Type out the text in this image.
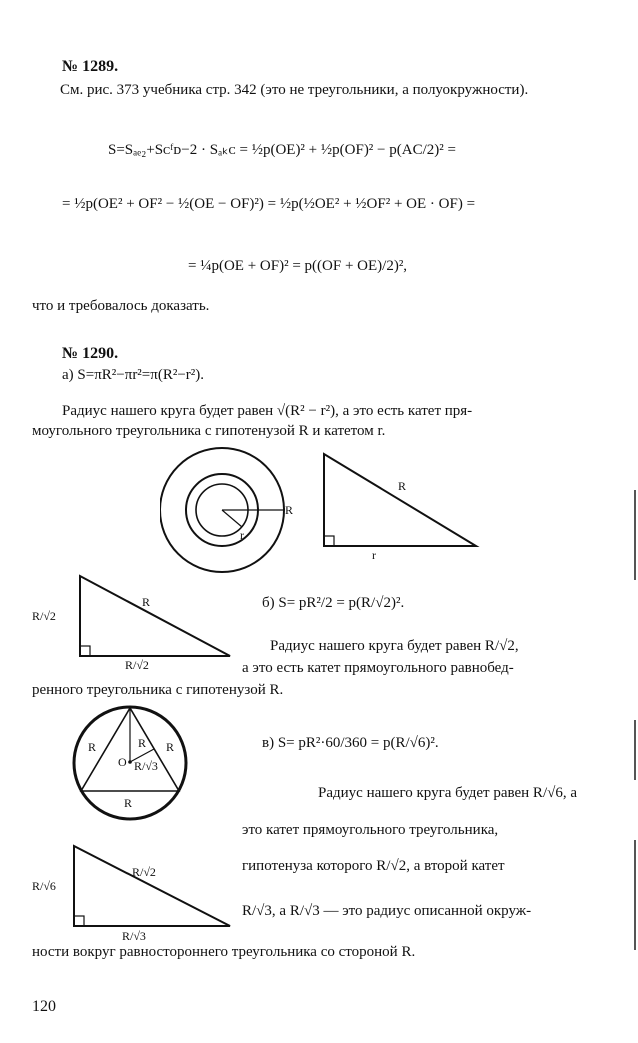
№ 1289.
См. рис. 373 учебника стр. 342 (это не треугольники, а полуокружности).
S=Sₐₑ₂+Sᴄᶠᴅ−2 · Sₐₖᴄ = ½p(OE)² + ½p(OF)² − p(AC/2)² =
= ½p(OE² + OF² − ½(OE − OF)²) = ½p(½OE² + ½OF² + OE · OF) =
= ¼p(OE + OF)² = p((OF + OE)/2)²,
что и требовалось доказать.
№ 1290.
а) S=πR²−πr²=π(R²−r²).
Радиус нашего круга будет равен √(R² − r²), а это есть катет пря-
моугольного треугольника с гипотенузой R и катетом r.
R
r
R
r
R
R/√2
R/√2
б) S= pR²/2 = p(R/√2)².
Радиус нашего круга будет равен R/√2,
а это есть катет прямоугольного равнобед-
ренного треугольника с гипотенузой R.
R	R
R
R/√3
O
R
в) S= pR²·60/360 = p(R/√6)².
Радиус нашего круга будет равен R/√6, а
это катет прямоугольного треугольника,
гипотенуза которого R/√2, а второй катет
R/√3, а R/√3 — это радиус описанной окруж-
ности вокруг равностороннего треугольника со стороной R.
R/√2
R/√6
R/√3
120
